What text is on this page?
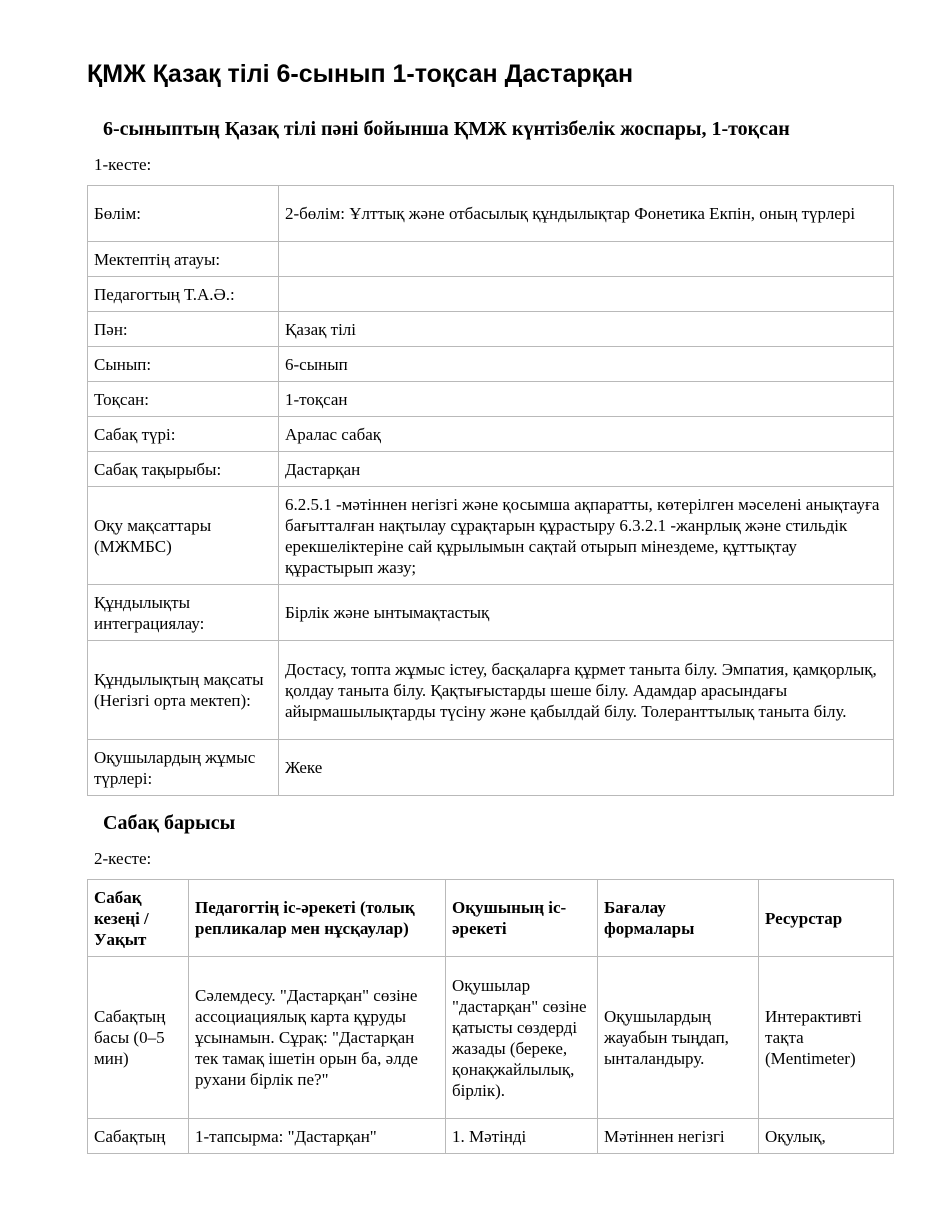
ҚМЖ Қазақ тілі 6-сынып 1-тоқсан Дастарқан
6-сыныптың Қазақ тілі пәні бойынша ҚМЖ күнтізбелік жоспары, 1-тоқсан

1-кесте:

Бөлім:	2-бөлім: Ұлттық және отбасылық құндылықтар Фонетика Екпін, оның түрлері
Мектептің атауы:	
Педагогтың Т.А.Ә.:	
Пән:	Қазақ тілі
Сынып:	6-сынып
Тоқсан:	1-тоқсан
Сабақ түрі:	Аралас сабақ
Сабақ тақырыбы:	Дастарқан
Оқу мақсаттары (МЖМБС)	6.2.5.1 -мәтіннен негізгі және қосымша ақпаратты, көтерілген мәселені анықтауға бағытталған нақтылау сұрақтарын құрастыру 6.3.2.1 -жанрлық және стильдік ерекшеліктеріне сай құрылымын сақтай отырып мінездеме, құттықтау құрастырып жазу;
Құндылықты интеграциялау:	Бірлік және ынтымақтастық
Құндылықтың мақсаты (Негізгі орта мектеп):	Достасу, топта жұмыс істеу, басқаларға құрмет таныта білу. Эмпатия, қамқорлық, қолдау таныта білу. Қақтығыстарды шеше білу. Адамдар арасындағы айырмашылықтарды түсіну және қабылдай білу. Толеранттылық таныта білу.
Оқушылардың жұмыс түрлері:	Жеке
Сабақ барысы

2-кесте:

Сабақ кезеңі / Уақыт	Педагогтің іс-әрекеті (толық репликалар мен нұсқаулар)	Оқушының іс-әрекеті	Бағалау формалары	Ресурстар
Сабақтың басы (0–5 мин)	Сәлемдесу. "Дастарқан" сөзіне ассоциациялық карта құруды ұсынамын. Сұрақ: "Дастарқан тек тамақ ішетін орын ба, әлде рухани бірлік пе?"	Оқушылар "дастарқан" сөзіне қатысты сөздерді жазады (береке, қонақжайлылық, бірлік).	Оқушылардың жауабын тыңдап, ынталандыру.	Интерактивті тақта (Mentimeter)
Сабақтың	1-тапсырма: "Дастарқан"	1. Мәтінді	Мәтіннен негізгі	Оқулық,
